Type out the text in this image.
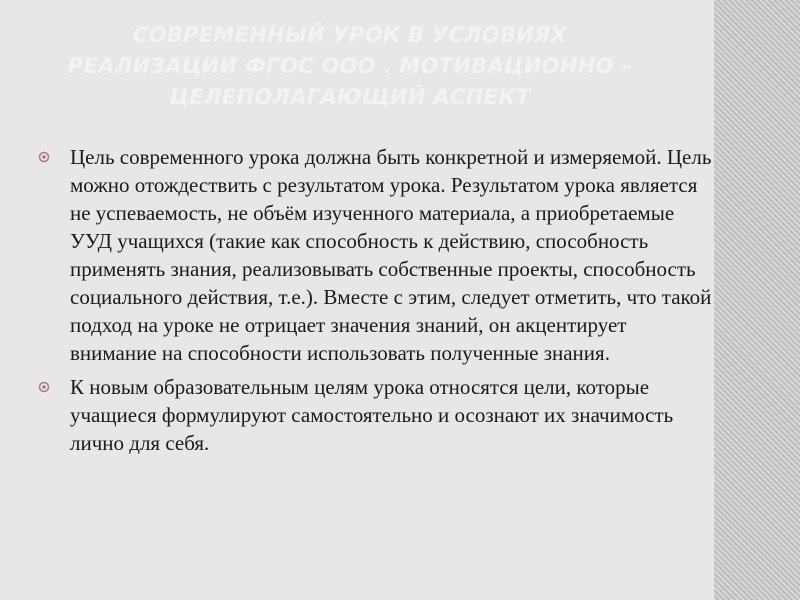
СОВРЕМЕННЫЙ УРОК В УСЛОВИЯХ
РЕАЛИЗАЦИИ ФГОС ООО . МОТИВАЦИОННО –
ЦЕЛЕПОЛАГАЮЩИЙ АСПЕКТ
Цель современного урока должна быть конкретной и измеряемой. Цель можно отождествить с результатом урока. Результатом урока является не успеваемость, не объём изученного материала, а приобретаемые УУД учащихся (такие как способность к действию, способность применять знания, реализовывать собственные проекты, способность социального действия, т.е.). Вместе с этим, следует отметить, что такой подход на уроке не отрицает значения знаний, он акцентирует внимание на способности использовать полученные знания.
К новым образовательным целям урока относятся цели, которые учащиеся формулируют самостоятельно и осознают их значимость лично для себя.
